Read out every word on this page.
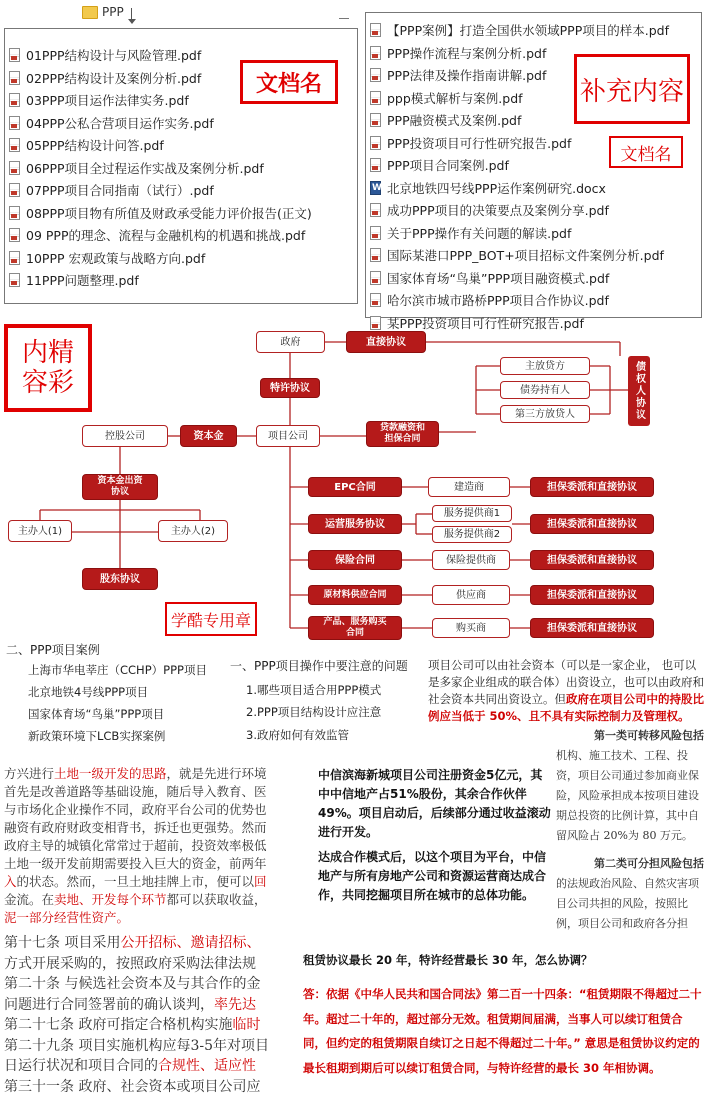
PPP
01PPP结构设计与风险管理.pdf
02PPP结构设计及案例分析.pdf
03PPP项目运作法律实务.pdf
04PPP公私合营项目运作实务.pdf
05PPP结构设计问答.pdf
06PPP项目全过程运作实战及案例分析.pdf
07PPP项目合同指南（试行）.pdf
08PPP项目物有所值及财政承受能力评价报告(正文)
09 PPP的理念、流程与金融机构的机遇和挑战.pdf
10PPP 宏观政策与战略方向.pdf
11PPP问题整理.pdf
文档名
【PPP案例】打造全国供水领域PPP项目的样本.pdf
PPP操作流程与案例分析.pdf
PPP法律及操作指南讲解.pdf
ppp模式解析与案例.pdf
PPP融资模式及案例.pdf
PPP投资项目可行性研究报告.pdf
PPP项目合同案例.pdf
W
北京地铁四号线PPP运作案例研究.docx
成功PPP项目的决策要点及案例分享.pdf
关于PPP操作有关问题的解读.pdf
国际某港口PPP_BOT+项目招标文件案例分析.pdf
国家体育场“鸟巢”PPP项目融资模式.pdf
哈尔滨市城市路桥PPP项目合作协议.pdf
某PPP投资项目可行性研究报告.pdf
补充内容
文档名
内精
容彩
政府	直接协议
特许协议
控股公司	资本金	项目公司
贷款融资和
担保合同
主放贷方
债券持有人
第三方放贷人	债权人协议
资本金出资
协议
主办人(1)	主办人(2)
股东协议
EPC合同	建造商	担保委派和直接协议
运营服务协议
服务提供商1
服务提供商2
担保委派和直接协议
保险合同	保险提供商	担保委派和直接协议
原材料供应合同	供应商	担保委派和直接协议
产品、服务购买
合同	购买商	担保委派和直接协议
学酷专用章
二、PPP项目案例
上海市华电莘庄（CCHP）PPP项目
北京地铁4号线PPP项目
国家体育场“鸟巢”PPP项目
新政策环境下LCB实探案例
一、PPP项目操作中要注意的问题
1.哪些项目适合用PPP模式
2.PPP项目结构设计应注意
3.政府如何有效监管
项目公司可以由社会资本（可以是一家企业， 也可以是多家企业组成的联合体）出资设立，也可以由政府和社会资本共同出资设立。但政府在项目公司中的持股比例应当低于 50%、且不具有实际控制力及管理权。
方兴进行土地一级开发的思路，就是先进行环境
首先是改善道路等基础设施，随后导入教育、医
与市场化企业操作不同，政府平台公司的优势也
融资有政府财政变相背书，拆迁也更强势。然而
政府主导的城镇化常常过于超前，投资效率极低
土地一级开发前期需要投入巨大的资金，前两年
入的状态。然而，一旦土地挂牌上市，便可以回
金流。在卖地、开发每个环节都可以获取收益，
泥一部分经营性资产。
中信滨海新城项目公司注册资金5亿元，其中中信地产占51%股份，其余合作伙伴49%。项目启动后，后续部分通过收益滚动进行开发。
达成合作模式后，以这个项目为平台，中信地产与所有房地产公司和资源运营商达成合作，共同挖掘项目所在城市的总体功能。
第一类可转移风险包括
机构、施工技术、工程、投资，项目公司通过参加商业保险，风险承担成本按项目建设期总投资的比例计算，其中自留风险占 20%为 80 万元。
第二类可分担风险包括
的法规政治风险、自然灾害项目公司共担的风险，按照比例，项目公司和政府各分担
第十七条 项目采用公开招标、邀请招标、
方式开展采购的，按照政府采购法律法规
第二十条 与候选社会资本及与其合作的金
问题进行合同签署前的确认谈判，率先达
第二十七条 政府可指定合格机构实施临时
第二十九条 项目实施机构应每3-5年对项目
日运行状况和项目合同的合规性、适应性
第三十一条 政府、社会资本或项目公司应
租赁协议最长 20 年，特许经营最长 30 年，怎么协调？
答：依据《中华人民共和国合同法》第二百一十四条：“租赁期限不得超过二十年。超过二十年的，超过部分无效。租赁期间届满，当事人可以续订租赁合同，但约定的租赁期限自续订之日起不得超过二十年。” 意思是租赁协议约定的最长租期到期后可以续订租赁合同，与特许经营的最长 30 年相协调。
